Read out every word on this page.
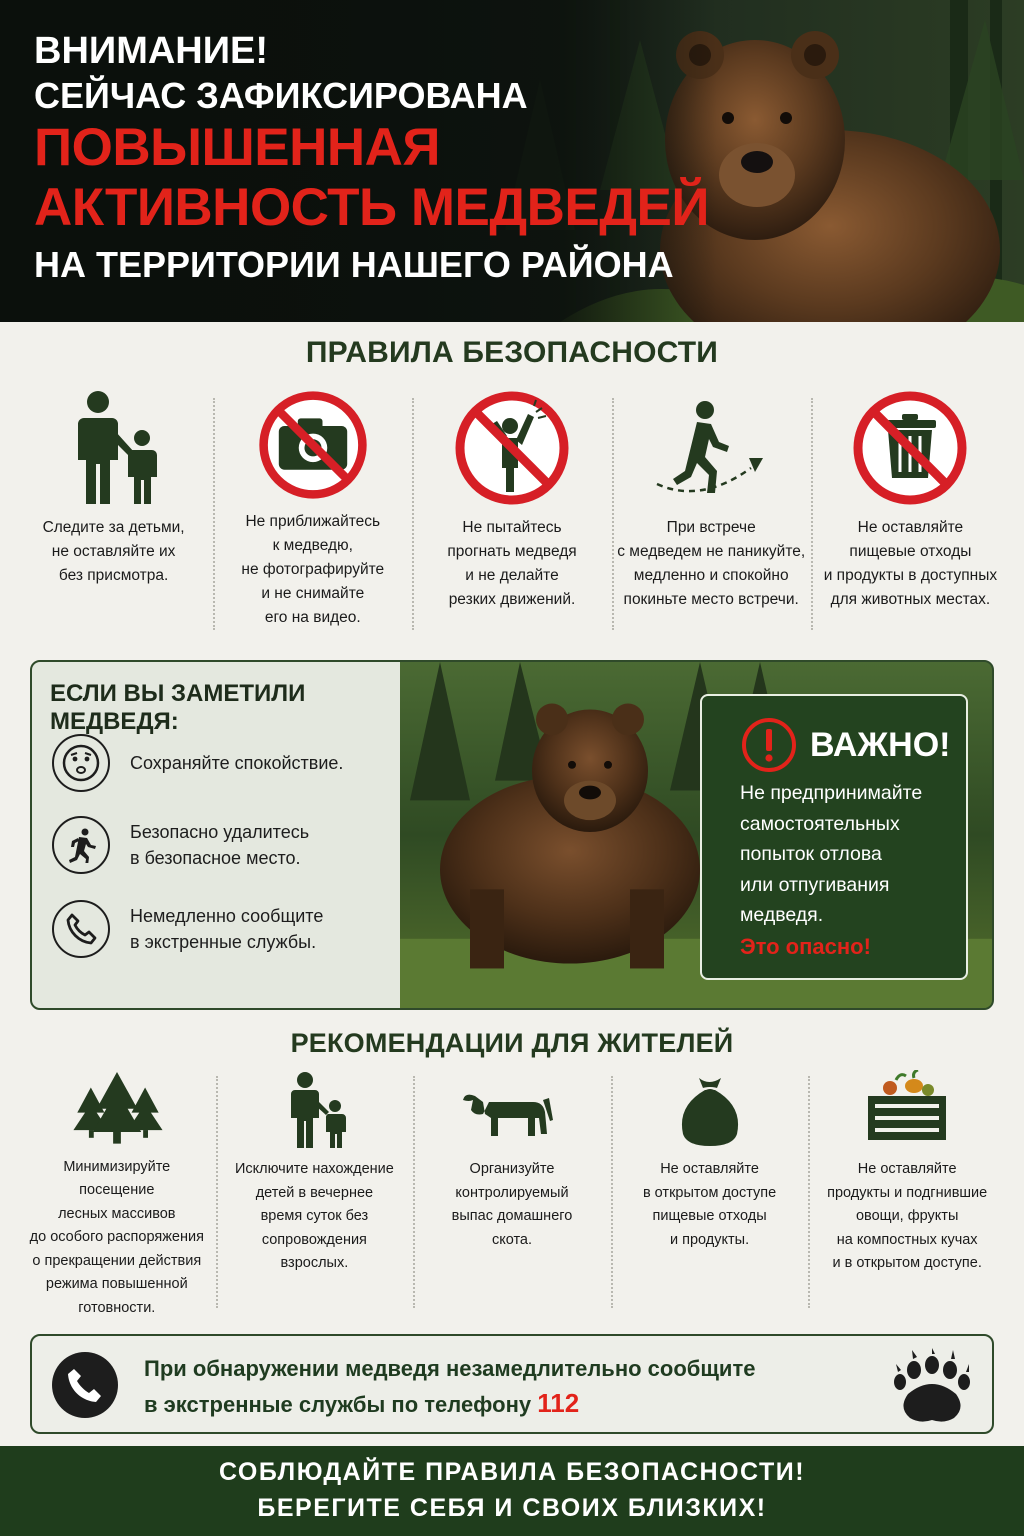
ВНИМАНИЕ!
СЕЙЧАС ЗАФИКСИРОВАНА
ПОВЫШЕННАЯ
АКТИВНОСТЬ МЕДВЕДЕЙ
НА ТЕРРИТОРИИ НАШЕГО РАЙОНА
ПРАВИЛА БЕЗОПАСНОСТИ
Следите за детьми,
не оставляйте их
без присмотра.
Не приближайтесь
к медведю,
не фотографируйте
и не снимайте
его на видео.
Не пытайтесь
прогнать медведя
и не делайте
резких движений.
При встрече
с медведем не паникуйте,
медленно и спокойно
покиньте место встречи.
Не оставляйте
пищевые отходы
и продукты в доступных
для животных местах.
ЕСЛИ ВЫ ЗАМЕТИЛИ МЕДВЕДЯ:
Сохраняйте спокойствие.
Безопасно удалитесь
в безопасное место.
Немедленно сообщите
в экстренные службы.
ВАЖНО!
Не предпринимайте
самостоятельных
попыток отлова
или отпугивания
медведя.
Это опасно!
РЕКОМЕНДАЦИИ ДЛЯ ЖИТЕЛЕЙ
Минимизируйте
посещение
лесных массивов
до особого распоряжения
о прекращении действия
режима повышенной
готовности.
Исключите нахождение
детей в вечернее
время суток без
сопровождения
взрослых.
Организуйте
контролируемый
выпас домашнего
скота.
Не оставляйте
в открытом доступе
пищевые отходы
и продукты.
Не оставляйте
продукты и подгнившие
овощи, фрукты
на компостных кучах
и в открытом доступе.
При обнаружении медведя незамедлительно сообщите
в экстренные службы по телефону 112
СОБЛЮДАЙТЕ ПРАВИЛА БЕЗОПАСНОСТИ!
БЕРЕГИТЕ СЕБЯ И СВОИХ БЛИЗКИХ!
